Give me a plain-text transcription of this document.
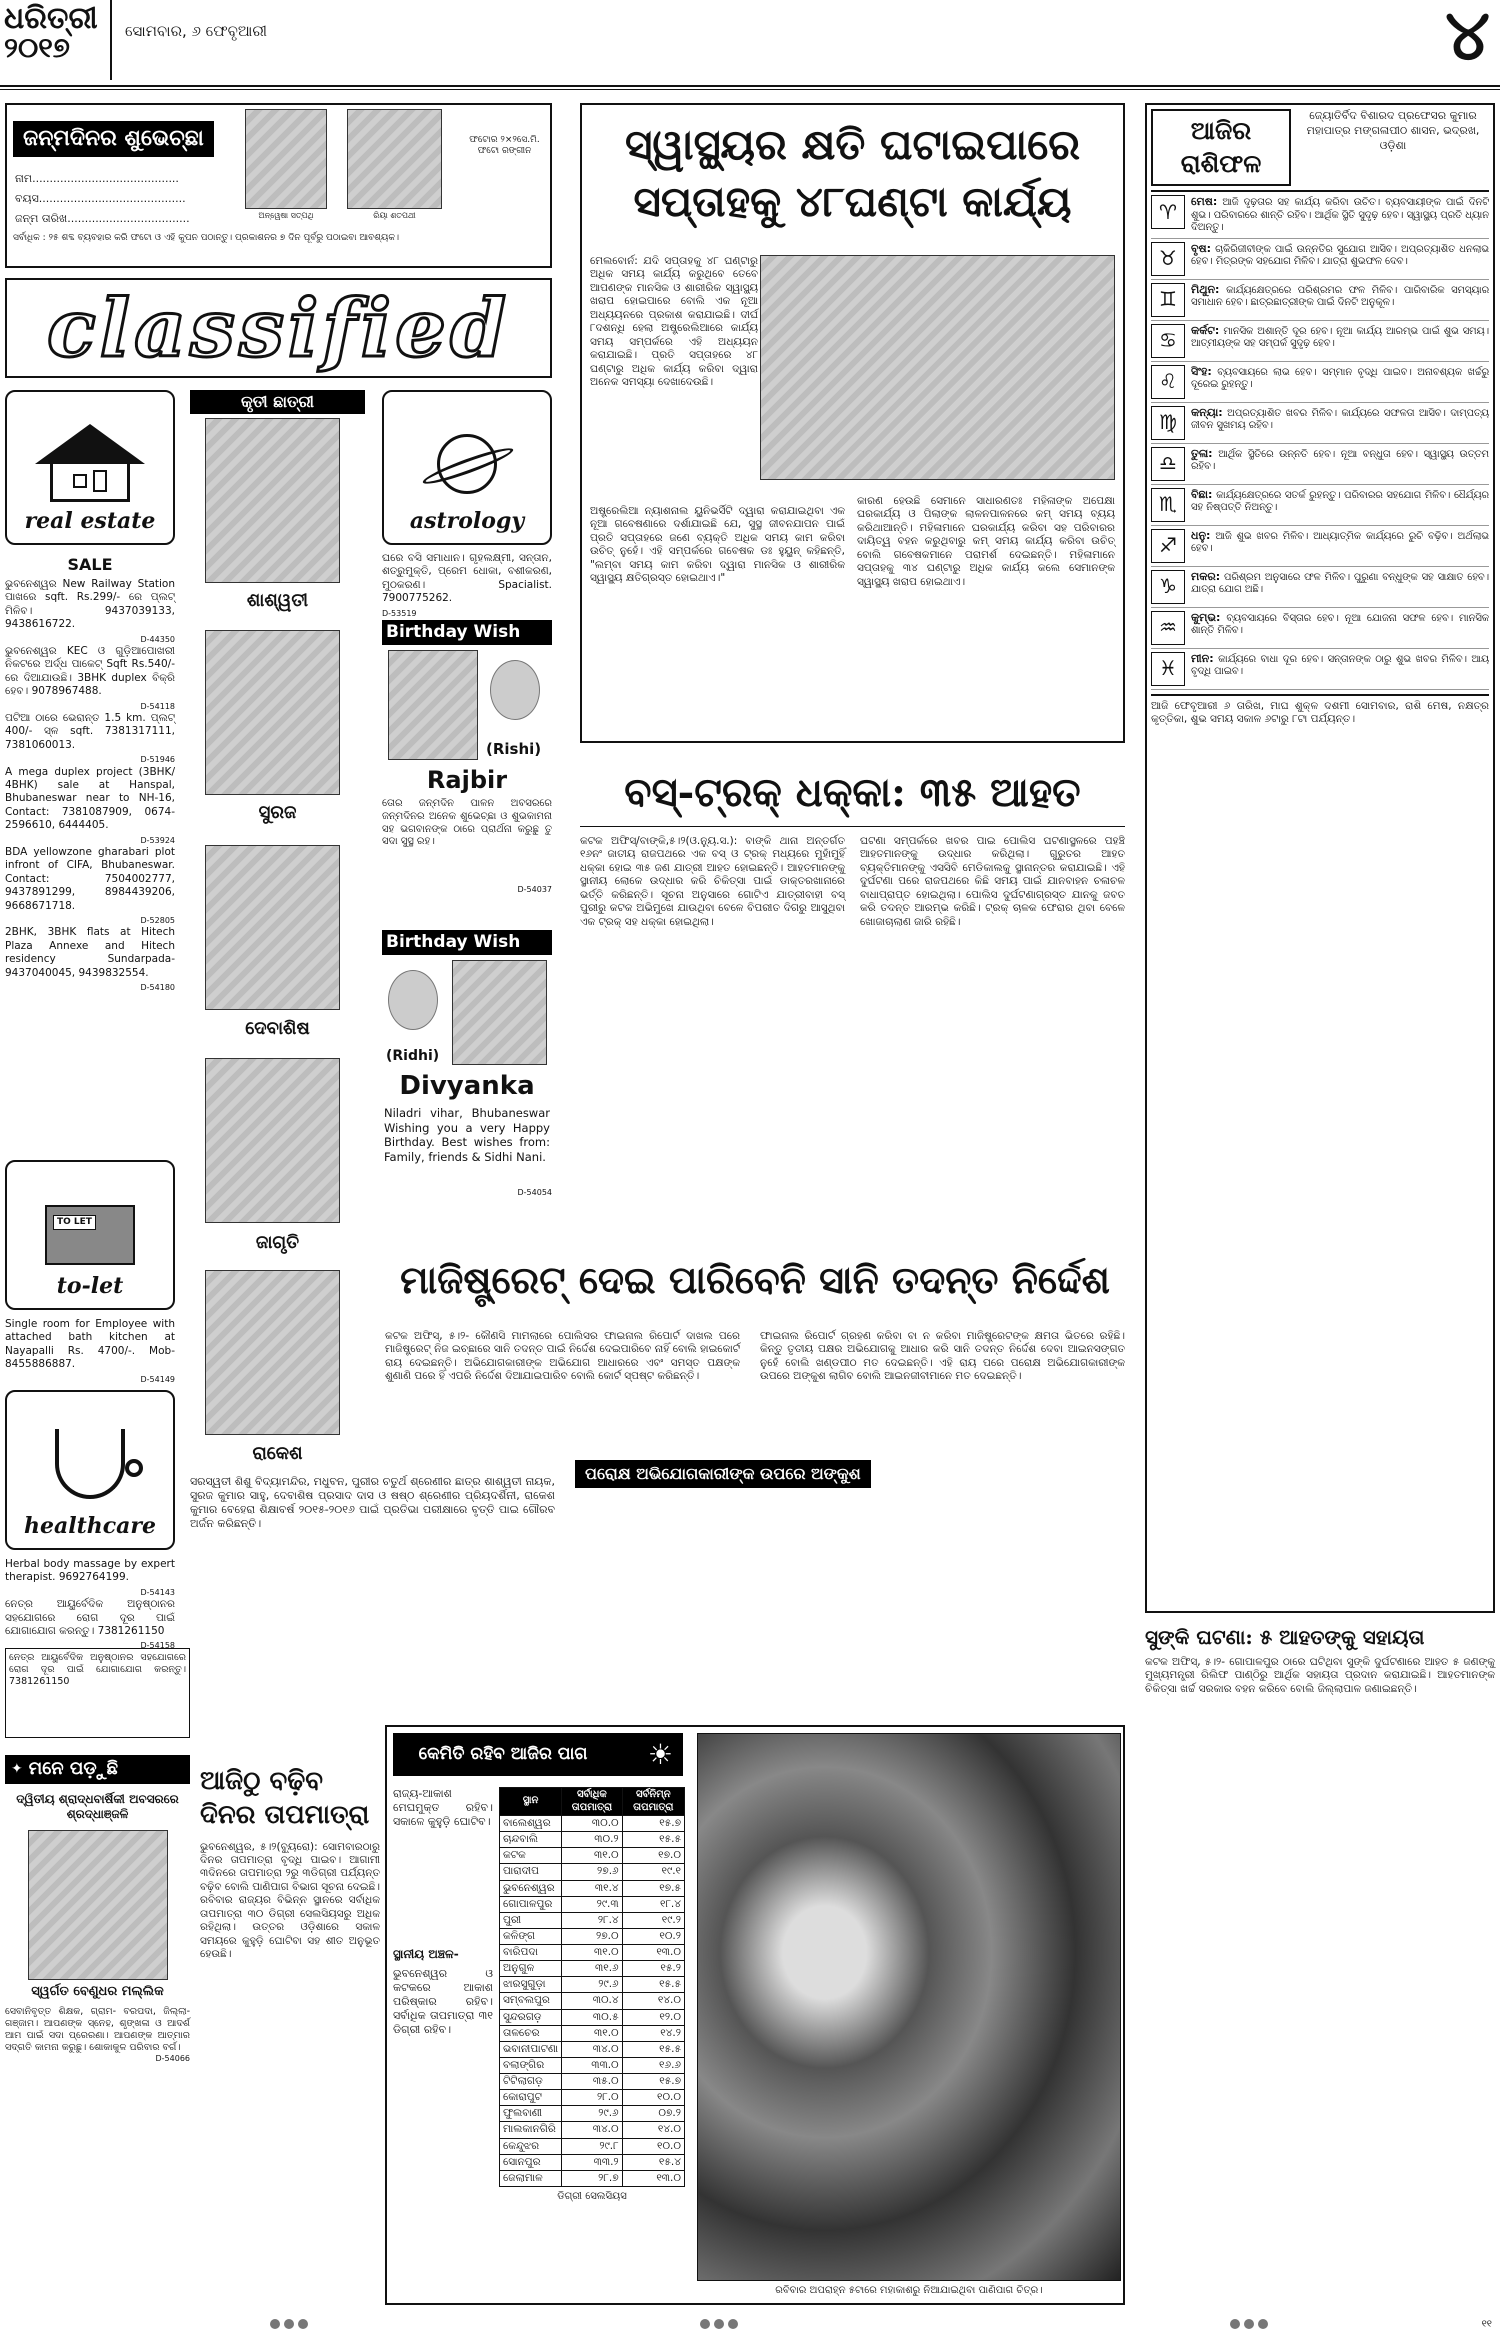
ଧରିତ୍ରୀ
୨୦୧୭	ସୋମବାର, ୬ ଫେବୃଆରୀ	୪
ଜନ୍ମଦିନର ଶୁଭେଚ୍ଛା
ନାମ..........................................
ବୟସ..........................................
ଜନ୍ମ ତାରିଖ...................................	ଅନ୍ୱେଷା ସତ୍ପଥି	ରିୟା ଶତପଥୀ
ଫଟୋର ୨×୨ସେ.ମି. ଫଟୋ ରଙ୍ଗୀନ
ସର୍ବାଧିକ : ୨୫ ଶବ୍ଦ ବ୍ୟବହାର କରି ଫଟୋ ଓ ଏହି କୁପନ ପଠାନ୍ତୁ। ପ୍ରକାଶନର ୭ ଦିନ ପୂର୍ବରୁ ପଠାଇବା ଆବଶ୍ୟକ।
classified
real estate
SALE

ଭୁବନେଶ୍ୱର New Railway Station ପାଖରେ sqft. Rs.299/- ରେ ପ୍ଲଟ୍ ମିଳିବ। 9437039133, 9438616722.

D-44350

ଭୁବନେଶ୍ୱର KEC ଓ ଗୁଡ଼ିଆପୋଖରୀ ନିକଟରେ ଅର୍ଦ୍ଧ ପାକେଟ୍ Sqft Rs.540/- ରେ ଦିଆଯାଉଛି। 3BHK duplex ବିକ୍ରି ହେବ। 9078967488.

D-54118

ପଟିଆ ଠାରେ ଭେରାନ୍ତ 1.5 km. ପ୍ଲଟ୍ 400/- ସ୍ଳ sqft. 7381317111, 7381060013.

D-51946

A mega duplex project (3BHK/ 4BHK) sale at Hanspal, Bhubaneswar near to NH-16, Contact: 7381087909, 0674-2596610, 6444405.

D-53924

BDA yellowzone gharabari plot infront of CIFA, Bhubaneswar. Contact: 7504002777, 9437891299, 8984439206, 9668671718.

D-52805

2BHK, 3BHK flats at Hitech Plaza Annexe and Hitech residency Sundarpada- 9437040045, 9439832554.

D-54180
TO LET
to-let

Single room for Employee with attached bath kitchen at Nayapalli Rs. 4700/-. Mob-8455886887.

D-54149
healthcare

Herbal body massage by expert therapist. 9692764199.

D-54143

ନେତ୍ର ଆୟୁର୍ବେଦିକ ଅନୁଷ୍ଠାନର ସହଯୋଗରେ ରୋଗ ଦୂର ପାଇଁ ଯୋଗାଯୋଗ କରନ୍ତୁ। 7381261150

D-54158
କୃତୀ ଛାତ୍ରୀ
ଶାଶ୍ୱତୀ
ସୁରଜ
ଦେବାଶିଷ
ଜାଗୃତି
ରାକେଶ
ସରସ୍ୱତୀ ଶିଶୁ ବିଦ୍ୟାମନ୍ଦିର, ମଧୁବନ, ପୁରୀର ଚତୁର୍ଥ ଶ୍ରେଣୀର ଛାତ୍ର ଶାଶ୍ୱତୀ ନାୟକ, ସୁରଜ କୁମାର ସାହୁ, ଦେବାଶିଷ ପ୍ରସାଦ ଦାସ ଓ ଷଷ୍ଠ ଶ୍ରେଣୀର ପ୍ରିୟଦର୍ଶିନୀ, ରାକେଶ କୁମାର ବେହେରା ଶିକ୍ଷାବର୍ଷ ୨୦୧୫-୨୦୧୬ ପାଇଁ ପ୍ରତିଭା ପରୀକ୍ଷାରେ ବୃତ୍ତି ପାଇ ଗୌରବ ଅର୍ଜନ କରିଛନ୍ତି।
astrology

ଘରେ ବସି ସମାଧାନ। ଗୃହଲକ୍ଷ୍ମୀ, ସନ୍ତାନ, ଶତ୍ରୁମୁକ୍ତି, ପ୍ରେମ ଧୋକା, ବଶୀକରଣ, ମୁଠକରଣ। Spacialist. 7900775262.

D-53519
Birthday Wish
(Rishi)
Rajbir
ତୋର ଜନ୍ମଦିନ ପାଳନ ଅବସରରେ ଜନ୍ମଦିନର ଅନେକ ଶୁଭେଚ୍ଛା ଓ ଶୁଭକାମନା ସହ ଭଗବାନଙ୍କ ଠାରେ ପ୍ରାର୍ଥନା କରୁଛୁ ତୁ ସଦା ସୁସ୍ଥ ରହ।
D-54037
Birthday Wish
(Ridhi)
Divyanka
Niladri vihar, Bhubaneswar Wishing you a very Happy Birthday. Best wishes from: Family, friends & Sidhi Nani.
D-54054
ନେତ୍ର ଆୟୁର୍ବେଦିକ ଅନୁଷ୍ଠାନର ସହଯୋଗରେ ରୋଗ ଦୂର ପାଇଁ ଯୋଗାଯୋଗ କରନ୍ତୁ। 7381261150
✦ ମନେ ପଡ଼ୁଛି
ଦ୍ୱିତୀୟ ଶ୍ରାଦ୍ଧବାର୍ଷିକୀ ଅବସରରେ ଶ୍ରଦ୍ଧାଞ୍ଜଳି
ସ୍ୱର୍ଗତ ବେଣୁଧର ମଲ୍ଲିକ
ସେବାନିବୃତ୍ତ ଶିକ୍ଷକ, ଗ୍ରାମ- ବରପଦା, ଜିଲ୍ଲା- ଗଞ୍ଜାମ। ଆପଣଙ୍କ ସ୍ନେହ, ଶୃଙ୍ଖଳା ଓ ଆଦର୍ଶ ଆମ ପାଇଁ ସଦା ପ୍ରେରଣା। ଆପଣଙ୍କ ଆତ୍ମାର ସଦ୍‌ଗତି କାମନା କରୁଛୁ। ଶୋକାକୁଳ ପରିବାର ବର୍ଗ।
D-54066
ସ୍ୱାସ୍ଥ୍ୟର କ୍ଷତି ଘଟାଇପାରେ ସପ୍ତାହକୁ ୪୮ଘଣ୍ଟା କାର୍ଯ୍ୟ
ମେଲବୋର୍ନ: ଯଦି ସପ୍ତାହକୁ ୪୮ ଘଣ୍ଟାରୁ ଅଧିକ ସମୟ କାର୍ଯ୍ୟ କରୁଥିବେ ତେବେ ଆପଣଙ୍କ ମାନସିକ ଓ ଶାରୀରିକ ସ୍ୱାସ୍ଥ୍ୟ ଖରାପ ହୋଇପାରେ ବୋଲି ଏକ ନୂଆ ଅଧ୍ୟୟନରେ ପ୍ରକାଶ କରାଯାଇଛି। ଦୀର୍ଘ ୮ଦଶନ୍ଧି ହେଲା ଅଷ୍ଟ୍ରେଲିଆରେ କାର୍ଯ୍ୟ ସମୟ ସମ୍ପର୍କରେ ଏହି ଅଧ୍ୟୟନ କରାଯାଇଛି। ପ୍ରତି ସପ୍ତାହରେ ୪୮ ଘଣ୍ଟାରୁ ଅଧିକ କାର୍ଯ୍ୟ କରିବା ଦ୍ୱାରା ଅନେକ ସମସ୍ୟା ଦେଖାଦେଉଛି।
ଅଷ୍ଟ୍ରେଲିଆ ନ୍ୟାଶନାଲ ୟୁନିଭର୍ସିଟି ଦ୍ୱାରା କରାଯାଇଥିବା ଏକ ନୂଆ ଗବେଷଣାରେ ଦର୍ଶାଯାଇଛି ଯେ, ସୁସ୍ଥ ଜୀବନଯାପନ ପାଇଁ ପ୍ରତି ସପ୍ତାହରେ ଜଣେ ବ୍ୟକ୍ତି ଅଧିକ ସମୟ କାମ କରିବା ଉଚିତ୍ ନୁହେଁ। ଏହି ସମ୍ପର୍କରେ ଗବେଷକ ଡଃ ହୁୟୁନ୍ କହିଛନ୍ତି, "ଲମ୍ବା ସମୟ କାମ କରିବା ଦ୍ୱାରା ମାନସିକ ଓ ଶାରୀରିକ ସ୍ୱାସ୍ଥ୍ୟ କ୍ଷତିଗ୍ରସ୍ତ ହୋଇଥାଏ।"
କାରଣ ହେଉଛି ସେମାନେ ସାଧାରଣତଃ ମହିଳାଙ୍କ ଅପେକ୍ଷା ଘରକାର୍ଯ୍ୟ ଓ ପିଲାଙ୍କ ଲାଳନପାଳନରେ କମ୍ ସମୟ ବ୍ୟୟ କରିଥାଆନ୍ତି। ମହିଳାମାନେ ଘରକାର୍ଯ୍ୟ କରିବା ସହ ପରିବାରର ଦାୟିତ୍ୱ ବହନ କରୁଥିବାରୁ କମ୍ ସମୟ କାର୍ଯ୍ୟ କରିବା ଉଚିତ୍ ବୋଲି ଗବେଷକମାନେ ପରାମର୍ଶ ଦେଇଛନ୍ତି। ମହିଳାମାନେ ସପ୍ତାହକୁ ୩୪ ଘଣ୍ଟାରୁ ଅଧିକ କାର୍ଯ୍ୟ କଲେ ସେମାନଙ୍କ ସ୍ୱାସ୍ଥ୍ୟ ଖରାପ ହୋଇଥାଏ।
ବସ୍-ଟ୍ରକ୍ ଧକ୍କା: ୩୫ ଆହତ
କଟକ ଅଫିସ୍/ବାଙ୍କି,୫।୨(ଓ.ନ୍ୟୁ.ସ.): ବାଙ୍କି ଥାନା ଅନ୍ତର୍ଗତ ୧୬ନଂ ଜାତୀୟ ରାଜପଥରେ ଏକ ବସ୍ ଓ ଟ୍ରକ୍ ମଧ୍ୟରେ ମୁହାଁମୁହିଁ ଧକ୍କା ହୋଇ ୩୫ ଜଣ ଯାତ୍ରୀ ଆହତ ହୋଇଛନ୍ତି। ଆହତମାନଙ୍କୁ ସ୍ଥାନୀୟ ଲୋକେ ଉଦ୍ଧାର କରି ଚିକିତ୍ସା ପାଇଁ ଡାକ୍ତରଖାନାରେ ଭର୍ତ୍ତି କରିଛନ୍ତି। ସୂଚନା ଅନୁସାରେ ଗୋଟିଏ ଯାତ୍ରୀବାହୀ ବସ୍ ପୁରୀରୁ କଟକ ଅଭିମୁଖେ ଯାଉଥିବା ବେଳେ ବିପରୀତ ଦିଗରୁ ଆସୁଥିବା ଏକ ଟ୍ରକ୍ ସହ ଧକ୍କା ହୋଇଥିଲା।
ଘଟଣା ସମ୍ପର୍କରେ ଖବର ପାଇ ପୋଲିସ ଘଟଣାସ୍ଥଳରେ ପହଞ୍ଚି ଆହତମାନଙ୍କୁ ଉଦ୍ଧାର କରିଥିଲା। ଗୁରୁତର ଆହତ ବ୍ୟକ୍ତିମାନଙ୍କୁ ଏସସିବି ମେଡିକାଲକୁ ସ୍ଥାନାନ୍ତର କରାଯାଇଛି। ଏହି ଦୁର୍ଘଟଣା ପରେ ରାଜପଥରେ କିଛି ସମୟ ପାଇଁ ଯାନବାହନ ଚଳାଚଳ ବାଧାପ୍ରାପ୍ତ ହୋଇଥିଲା। ପୋଲିସ ଦୁର୍ଘଟଣାଗ୍ରସ୍ତ ଯାନକୁ ଜବତ କରି ତଦନ୍ତ ଆରମ୍ଭ କରିଛି। ଟ୍ରକ୍ ଚାଳକ ଫେରାର ଥିବା ବେଳେ ଖୋଜାଚାଲାଣ ଜାରି ରହିଛି।
ମାଜିଷ୍ଟ୍ରେଟ୍ ଦେଇ ପାରିବେନି ସାନି ତଦନ୍ତ ନିର୍ଦ୍ଦେଶ
କଟକ ଅଫିସ୍, ୫।୨- କୌଣସି ମାମଲାରେ ପୋଲିସର ଫାଇନାଲ ରିପୋର୍ଟ ଦାଖଲ ପରେ ମାଜିଷ୍ଟ୍ରେଟ୍ ନିଜ ଇଚ୍ଛାରେ ସାନି ତଦନ୍ତ ପାଇଁ ନିର୍ଦ୍ଦେଶ ଦେଇପାରିବେ ନାହିଁ ବୋଲି ହାଇକୋର୍ଟ ରାୟ ଦେଇଛନ୍ତି। ଅଭିଯୋଗକାରୀଙ୍କ ଅଭିଯୋଗ ଆଧାରରେ ଏବଂ ସମସ୍ତ ପକ୍ଷଙ୍କ ଶୁଣାଣି ପରେ ହିଁ ଏପରି ନିର୍ଦ୍ଦେଶ ଦିଆଯାଇପାରିବ ବୋଲି କୋର୍ଟ ସ୍ପଷ୍ଟ କରିଛନ୍ତି।
ଫାଇନାଲ ରିପୋର୍ଟ ଗ୍ରହଣ କରିବା ବା ନ କରିବା ମାଜିଷ୍ଟ୍ରେଟଙ୍କ କ୍ଷମତା ଭିତରେ ରହିଛି। କିନ୍ତୁ ତୃତୀୟ ପକ୍ଷର ଅଭିଯୋଗକୁ ଆଧାର କରି ସାନି ତଦନ୍ତ ନିର୍ଦ୍ଦେଶ ଦେବା ଆଇନସଙ୍ଗତ ନୁହେଁ ବୋଲି ଖଣ୍ଡପୀଠ ମତ ଦେଇଛନ୍ତି। ଏହି ରାୟ ପରେ ପରୋକ୍ଷ ଅଭିଯୋଗକାରୀଙ୍କ ଉପରେ ଅଙ୍କୁଶ ଲାଗିବ ବୋଲି ଆଇନଜୀବୀମାନେ ମତ ଦେଇଛନ୍ତି।
ପରୋକ୍ଷ ଅଭିଯୋଗକାରୀଙ୍କ ଉପରେ ଅଙ୍କୁଶ
ଆଜିଠୁ ବଢ଼ିବ ଦିନର ତାପମାତ୍ରା
ଭୁବନେଶ୍ୱର, ୫।୨(ବ୍ୟୁରୋ): ସୋମବାରଠାରୁ ଦିନର ତାପମାତ୍ରା ବୃଦ୍ଧି ପାଇବ। ଆଗାମୀ ୩ଦିନରେ ତାପମାତ୍ରା ୨ରୁ ୩ଡିଗ୍ରୀ ପର୍ଯ୍ୟନ୍ତ ବଢ଼ିବ ବୋଲି ପାଣିପାଗ ବିଭାଗ ସୂଚନା ଦେଇଛି। ରବିବାର ରାଜ୍ୟର ବିଭିନ୍ନ ସ୍ଥାନରେ ସର୍ବାଧିକ ତାପମାତ୍ରା ୩୦ ଡିଗ୍ରୀ ସେଲସିୟସରୁ ଅଧିକ ରହିଥିଲା। ଉତ୍ତର ଓଡ଼ିଶାରେ ସକାଳ ସମୟରେ କୁହୁଡ଼ି ଘୋଟିବା ସହ ଶୀତ ଅନୁଭୂତ ହେଉଛି।
କେମିତି ରହିବ ଆଜିର ପାଗ	☀
ରାଜ୍ୟ-ଆକାଶ ମେଘମୁକ୍ତ ରହିବ। ସକାଳେ କୁହୁଡ଼ି ଘୋଟିବ।
ସ୍ଥାନୀୟ ଅଞ୍ଚଳ-
ଭୁବନେଶ୍ୱର ଓ କଟକରେ ଆକାଶ ପରିଷ୍କାର ରହିବ। ସର୍ବାଧିକ ତାପମାତ୍ରା ୩୧ ଡିଗ୍ରୀ ରହିବ।
ସ୍ଥାନ	ସର୍ବାଧିକ ତାପମାତ୍ରା	ସର୍ବନିମ୍ନ ତାପମାତ୍ରା
ବାଲେଶ୍ୱର	୩୦.୦	୧୫.୭
ଚାନ୍ଦବାଲି	୩୦.୨	୧୫.୫
କଟକ	୩୧.୦	୧୭.୦
ପାରାଦୀପ	୨୭.୬	୧୯.୧
ଭୁବନେଶ୍ୱର	୩୧.୪	୧୭.୫
ଗୋପାଳପୁର	୨୯.୩	୧୮.୪
ପୁରୀ	୨୮.୪	୧୯.୨
କଳିଙ୍ଗ	୨୭.୦	୧୦.୨
ବାରିପଦା	୩୧.୦	୧୩.୦
ଅନୁଗୁଳ	୩୧.୬	୧୫.୨
ଝାରସୁଗୁଡ଼ା	୨୯.୬	୧୫.୫
ସମ୍ବଲପୁର	୩୦.୪	୧୪.୦
ସୁନ୍ଦରଗଡ଼	୩୦.୫	୧୨.୦
ତାଳଚେର	୩୧.୦	୧୪.୨
ଭବାନୀପାଟଣା	୩୪.୦	୧୫.୫
ବଲାଙ୍ଗିର	୩୩.୦	୧୬.୬
ଟିଟିଲାଗଡ଼	୩୫.୦	୧୫.୭
କୋରାପୁଟ	୨୮.୦	୧୦.୦
ଫୁଲବାଣୀ	୨୯.୬	୦୭.୨
ମାଲକାନଗିରି	୩୪.୦	୧୪.୦
କେନ୍ଦୁଝର	୨୯.୮	୧୦.୦
ସୋନପୁର	୩୩.୨	୧୫.୪
ଜେଲାମାଳ	୨୮.୭	୧୩.୦
ଡିଗ୍ରୀ ସେଲସିୟସ
ରବିବାର ଅପରାହ୍ନ ୫ଟାରେ ମହାକାଶରୁ ନିଆଯାଇଥିବା ପାଣିପାଗ ଚିତ୍ର।
ଆଜିର ରାଶିଫଳ
ଜ୍ୟୋତିର୍ବିଦ ବିଶାରଦ ପ୍ରଫେସର କୁମାର ମହାପାତ୍ର ମଙ୍ଗଳାପୀଠ ଶାସନ, ଭଦ୍ରଖ, ଓଡ଼ିଶା
♈	ମେଷ: ଆଜି ଦୃଢ଼ତାର ସହ କାର୍ଯ୍ୟ କରିବା ଉଚିତ। ବ୍ୟବସାୟୀଙ୍କ ପାଇଁ ଦିନଟି ଶୁଭ। ପରିବାରରେ ଶାନ୍ତି ରହିବ। ଆର୍ଥିକ ସ୍ଥିତି ସୁଦୃଢ଼ ହେବ। ସ୍ୱାସ୍ଥ୍ୟ ପ୍ରତି ଧ୍ୟାନ ଦିଅନ୍ତୁ।
♉	ବୃଷ: ଚାକିରିଜୀବୀଙ୍କ ପାଇଁ ଉନ୍ନତିର ସୁଯୋଗ ଆସିବ। ଅପ୍ରତ୍ୟାଶିତ ଧନଲାଭ ହେବ। ମିତ୍ରଙ୍କ ସହଯୋଗ ମିଳିବ। ଯାତ୍ରା ଶୁଭଫଳ ଦେବ।
♊	ମିଥୁନ: କାର୍ଯ୍ୟକ୍ଷେତ୍ରରେ ପରିଶ୍ରମର ଫଳ ମିଳିବ। ପାରିବାରିକ ସମସ୍ୟାର ସମାଧାନ ହେବ। ଛାତ୍ରଛାତ୍ରୀଙ୍କ ପାଇଁ ଦିନଟି ଅନୁକୂଳ।
♋	କର୍କଟ: ମାନସିକ ଅଶାନ୍ତି ଦୂର ହେବ। ନୂଆ କାର୍ଯ୍ୟ ଆରମ୍ଭ ପାଇଁ ଶୁଭ ସମୟ। ଆତ୍ମୀୟଙ୍କ ସହ ସମ୍ପର୍କ ସୁଦୃଢ଼ ହେବ।
♌	ସିଂହ: ବ୍ୟବସାୟରେ ଲାଭ ହେବ। ସମ୍ମାନ ବୃଦ୍ଧି ପାଇବ। ଅନାବଶ୍ୟକ ଖର୍ଚ୍ଚରୁ ଦୂରେଇ ରୁହନ୍ତୁ।
♍	କନ୍ୟା: ଅପ୍ରତ୍ୟାଶିତ ଖବର ମିଳିବ। କାର୍ଯ୍ୟରେ ସଫଳତା ଆସିବ। ଦାମ୍ପତ୍ୟ ଜୀବନ ସୁଖମୟ ରହିବ।
♎	ତୁଳା: ଆର୍ଥିକ ସ୍ଥିତିରେ ଉନ୍ନତି ହେବ। ନୂଆ ବନ୍ଧୁତା ହେବ। ସ୍ୱାସ୍ଥ୍ୟ ଉତ୍ତମ ରହିବ।
♏	ବିଛା: କାର୍ଯ୍ୟକ୍ଷେତ୍ରରେ ସତର୍କ ରୁହନ୍ତୁ। ପରିବାରର ସହଯୋଗ ମିଳିବ। ଧୈର୍ଯ୍ୟର ସହ ନିଷ୍ପତ୍ତି ନିଅନ୍ତୁ।
♐	ଧନୁ: ଆଜି ଶୁଭ ଖବର ମିଳିବ। ଆଧ୍ୟାତ୍ମିକ କାର୍ଯ୍ୟରେ ରୁଚି ବଢ଼ିବ। ଅର୍ଥଲାଭ ହେବ।
♑	ମକର: ପରିଶ୍ରମ ଅନୁସାରେ ଫଳ ମିଳିବ। ପୁରୁଣା ବନ୍ଧୁଙ୍କ ସହ ସାକ୍ଷାତ ହେବ। ଯାତ୍ରା ଯୋଗ ଅଛି।
♒	କୁମ୍ଭ: ବ୍ୟବସାୟରେ ବିସ୍ତାର ହେବ। ନୂଆ ଯୋଜନା ସଫଳ ହେବ। ମାନସିକ ଶାନ୍ତି ମିଳିବ।
♓	ମୀନ: କାର୍ଯ୍ୟରେ ବାଧା ଦୂର ହେବ। ସନ୍ତାନଙ୍କ ଠାରୁ ଶୁଭ ଖବର ମିଳିବ। ଆୟ ବୃଦ୍ଧି ପାଇବ।
ଆଜି ଫେବୃଆରୀ ୬ ତାରିଖ, ମାଘ ଶୁକ୍ଳ ଦଶମୀ ସୋମବାର, ରାଶି ମେଷ, ନକ୍ଷତ୍ର କୃତ୍ତିକା, ଶୁଭ ସମୟ ସକାଳ ୬ଟାରୁ ୮ଟା ପର୍ଯ୍ୟନ୍ତ।
ସୁଙ୍କି ଘଟଣା: ୫ ଆହତଙ୍କୁ ସହାୟତା
କଟକ ଅଫିସ୍, ୫।୨- ଗୋପାଳପୁର ଠାରେ ଘଟିଥିବା ସୁଙ୍କି ଦୁର୍ଘଟଣାରେ ଆହତ ୫ ଜଣଙ୍କୁ ମୁଖ୍ୟମନ୍ତ୍ରୀ ରିଲିଫ ପାଣ୍ଠିରୁ ଆର୍ଥିକ ସହାୟତା ପ୍ରଦାନ କରାଯାଇଛି। ଆହତମାନଙ୍କ ଚିକିତ୍ସା ଖର୍ଚ୍ଚ ସରକାର ବହନ କରିବେ ବୋଲି ଜିଲ୍ଲାପାଳ ଜଣାଇଛନ୍ତି।
୧୧
